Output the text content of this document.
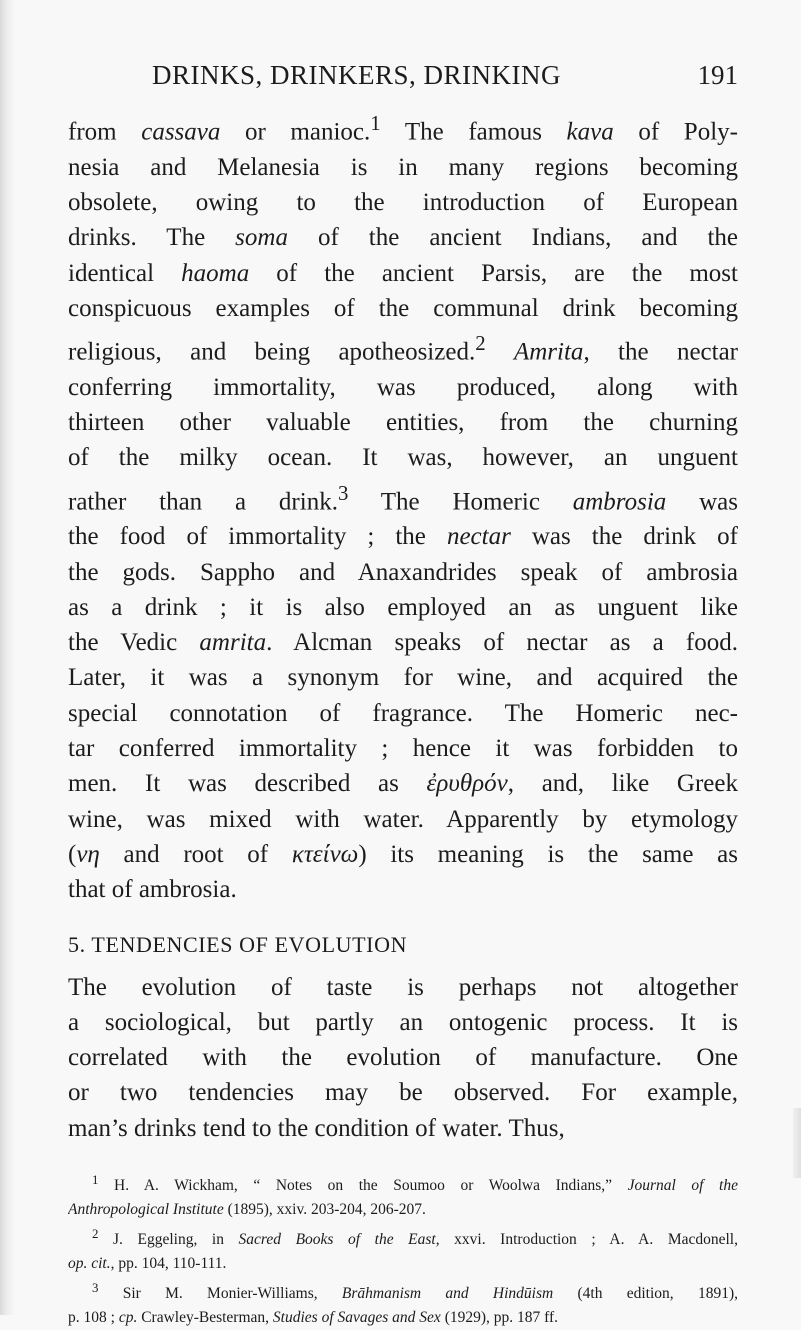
DRINKS, DRINKERS, DRINKING	191
from cassava or manioc.$^1$ The famous kava of Poly-
nesia and Melanesia is in many regions becoming
obsolete, owing to the introduction of European
drinks. The soma of the ancient Indians, and the
identical haoma of the ancient Parsis, are the most
conspicuous examples of the communal drink becoming
religious, and being apotheosized.$^2$ Amrita, the nectar
conferring immortality, was produced, along with
thirteen other valuable entities, from the churning
of the milky ocean. It was, however, an unguent
rather than a drink.$^3$ The Homeric ambrosia was
the food of immortality ; the nectar was the drink of
the gods. Sappho and Anaxandrides speak of ambrosia
as a drink ; it is also employed an as unguent like
the Vedic amrita. Alcman speaks of nectar as a food.
Later, it was a synonym for wine, and acquired the
special connotation of fragrance. The Homeric nec-
tar conferred immortality ; hence it was forbidden to
men. It was described as ἐρυθρόν, and, like Greek
wine, was mixed with water. Apparently by etymology
(νη and root of κτείνω) its meaning is the same as
that of ambrosia.
5. TENDENCIES OF EVOLUTION
The evolution of taste is perhaps not altogether
a sociological, but partly an ontogenic process. It is
correlated with the evolution of manufacture. One
or two tendencies may be observed. For example,
man’s drinks tend to the condition of water. Thus,
$^1$ H. A. Wickham, “ Notes on the Soumoo or Woolwa Indians,” Journal of the
Anthropological Institute (1895), xxiv. 203-204, 206-207.
$^2$ J. Eggeling, in Sacred Books of the East, xxvi. Introduction ; A. A. Macdonell,
op. cit., pp. 104, 110-111.
$^3$ Sir M. Monier-Williams, Brāhmanism and Hindūism (4th edition, 1891),
p. 108 ; cp. Crawley-Besterman, Studies of Savages and Sex (1929), pp. 187 ff.
